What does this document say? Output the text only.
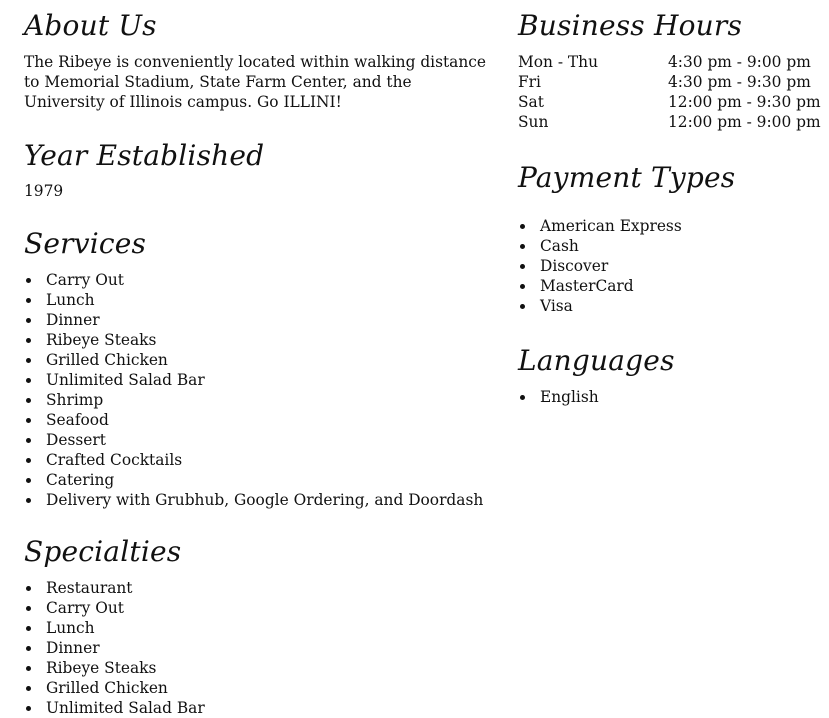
About Us

The Ribeye is conveniently located within walking distance to Memorial Stadium, State Farm Center, and the University of Illinois campus. Go ILLINI!

Year Established
1979
Services
Carry Out
Lunch
Dinner
Ribeye Steaks
Grilled Chicken
Unlimited Salad Bar
Shrimp
Seafood
Dessert
Crafted Cocktails
Catering
Delivery with Grubhub, Google Ordering, and Doordash
Specialties
Restaurant
Carry Out
Lunch
Dinner
Ribeye Steaks
Grilled Chicken
Unlimited Salad Bar
Business Hours
Mon - Thu	4:30 pm - 9:00 pm
Fri	4:30 pm - 9:30 pm
Sat	12:00 pm - 9:30 pm
Sun	12:00 pm - 9:00 pm
Payment Types
American Express
Cash
Discover
MasterCard
Visa
Languages
English
